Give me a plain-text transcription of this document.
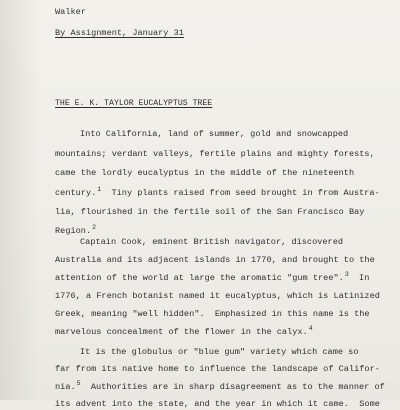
Walker
By Assignment, January 31
THE E. K. TAYLOR EUCALYPTUS TREE
Into California, land of summer, gold and snowcapped
mountains; verdant valleys, fertile plains and mighty forests,
came the lordly eucalyptus in the middle of the nineteenth
century.$^1$  Tiny plants raised from seed brought in from Austra-
lia, flourished in the fertile soil of the San Francisco Bay
Region.$^2$
Captain Cook, eminent British navigator, discovered
Australia and its adjacent islands in 1770, and brought to the
attention of the world at large the aromatic "gum tree".$^3$  In
1776, a French botanist named it eucalyptus, which is Latinized
Greek, meaning "well hidden".  Emphasized in this name is the
marvelous concealment of the flower in the calyx.$^4$
It is the globulus or "blue gum" variety which came so
far from its native home to influence the landscape of Califor-
nia.$^5$  Authorities are in sharp disagreement as to the manner of
its advent into the state, and the year in which it came.  Some
